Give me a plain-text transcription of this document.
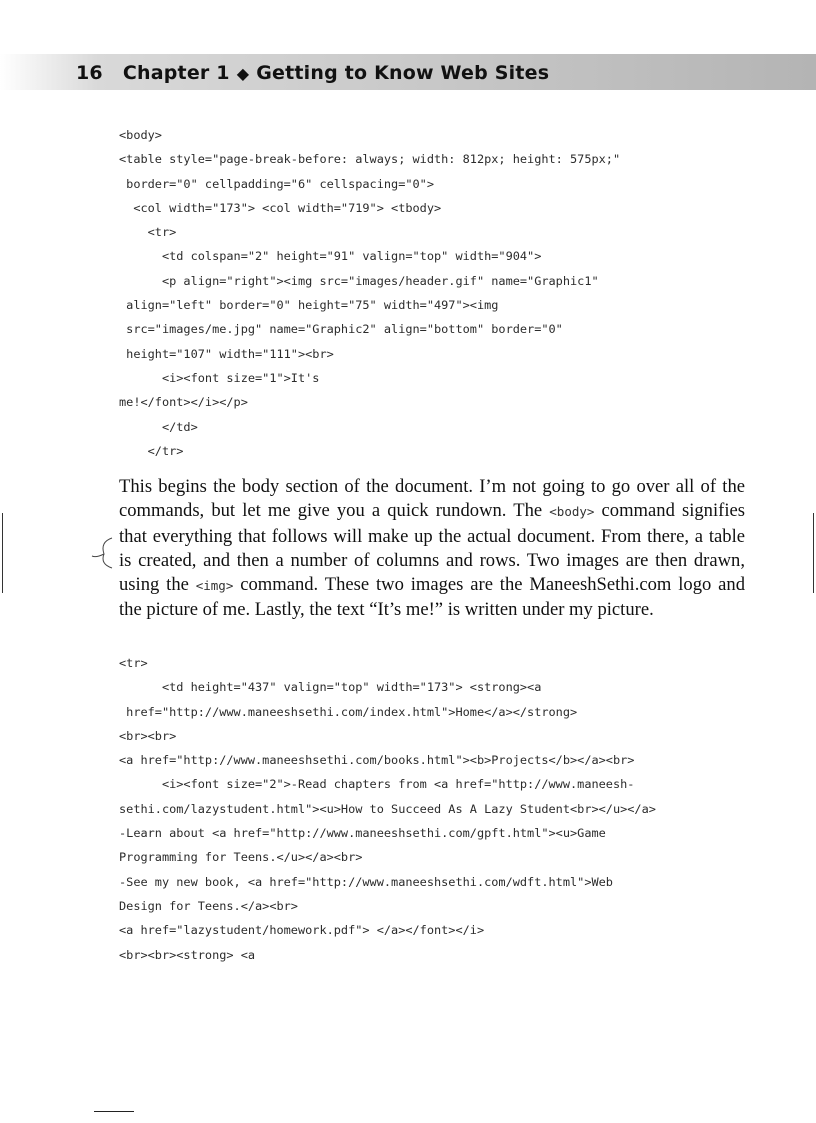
16 Chapter 1 ◆ Getting to Know Web Sites
<body>
<table style="page-break-before: always; width: 812px; height: 575px;"
border="0" cellpadding="6" cellspacing="0">
<col width="173"> <col width="719"> <tbody>
<tr>
<td colspan="2" height="91" valign="top" width="904">
<p align="right"><img src="images/header.gif" name="Graphic1"
align="left" border="0" height="75" width="497"><img
src="images/me.jpg" name="Graphic2" align="bottom" border="0"
height="107" width="111"><br>
<i><font size="1">It's
me!</font></i></p>
</td>
</tr>
This begins the body section of the document. I’m not going to go over all of the commands, but let me give you a quick rundown. The <body> command signifies that everything that follows will make up the actual document. From there, a table is created, and then a number of columns and rows. Two images are then drawn, using the <img> command. These two images are the ManeeshSethi.com logo and the picture of me. Lastly, the text “It’s me!” is written under my picture.
<tr>
<td height="437" valign="top" width="173"> <strong><a
href="http://www.maneeshsethi.com/index.html">Home</a></strong>
<br><br>
<a href="http://www.maneeshsethi.com/books.html"><b>Projects</b></a><br>
<i><font size="2">-Read chapters from <a href="http://www.maneesh-
sethi.com/lazystudent.html"><u>How to Succeed As A Lazy Student<br></u></a>
-Learn about <a href="http://www.maneeshsethi.com/gpft.html"><u>Game
Programming for Teens.</u></a><br>
-See my new book, <a href="http://www.maneeshsethi.com/wdft.html">Web
Design for Teens.</a><br>
<a href="lazystudent/homework.pdf"> </a></font></i>
<br><br><strong> <a
